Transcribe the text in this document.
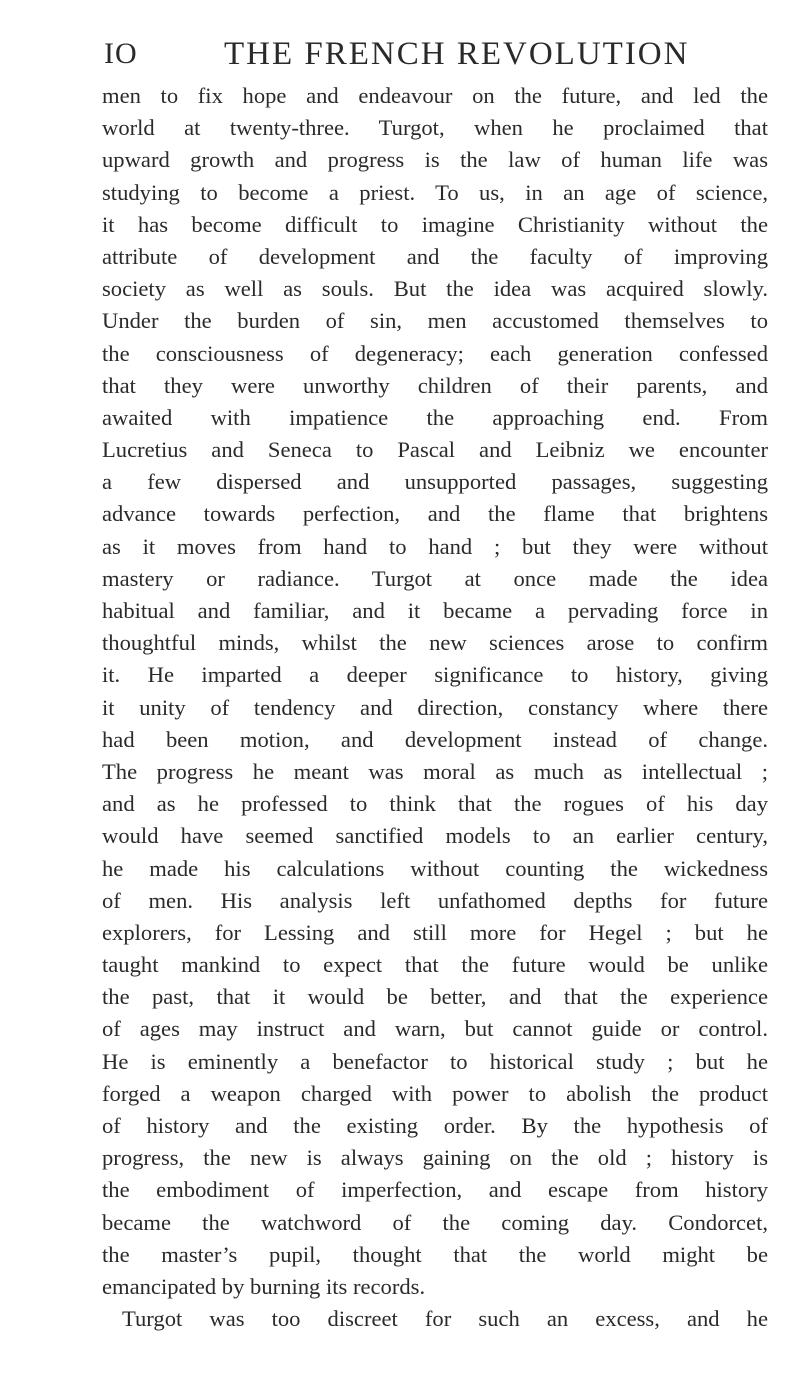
IO	THE FRENCH REVOLUTION
men to fix hope and endeavour on the future, and led the
world at twenty-three. Turgot, when he proclaimed that
upward growth and progress is the law of human life was
studying to become a priest. To us, in an age of science,
it has become difficult to imagine Christianity without the
attribute of development and the faculty of improving
society as well as souls. But the idea was acquired slowly.
Under the burden of sin, men accustomed themselves to
the consciousness of degeneracy; each generation confessed
that they were unworthy children of their parents, and
awaited with impatience the approaching end. From
Lucretius and Seneca to Pascal and Leibniz we encounter
a few dispersed and unsupported passages, suggesting
advance towards perfection, and the flame that brightens
as it moves from hand to hand ; but they were without
mastery or radiance. Turgot at once made the idea
habitual and familiar, and it became a pervading force in
thoughtful minds, whilst the new sciences arose to confirm
it. He imparted a deeper significance to history, giving
it unity of tendency and direction, constancy where there
had been motion, and development instead of change.
The progress he meant was moral as much as intellectual ;
and as he professed to think that the rogues of his day
would have seemed sanctified models to an earlier century,
he made his calculations without counting the wickedness
of men. His analysis left unfathomed depths for future
explorers, for Lessing and still more for Hegel ; but he
taught mankind to expect that the future would be unlike
the past, that it would be better, and that the experience
of ages may instruct and warn, but cannot guide or control.
He is eminently a benefactor to historical study ; but he
forged a weapon charged with power to abolish the product
of history and the existing order. By the hypothesis of
progress, the new is always gaining on the old ; history is
the embodiment of imperfection, and escape from history
became the watchword of the coming day. Condorcet,
the master’s pupil, thought that the world might be
emancipated by burning its records.
Turgot was too discreet for such an excess, and he
